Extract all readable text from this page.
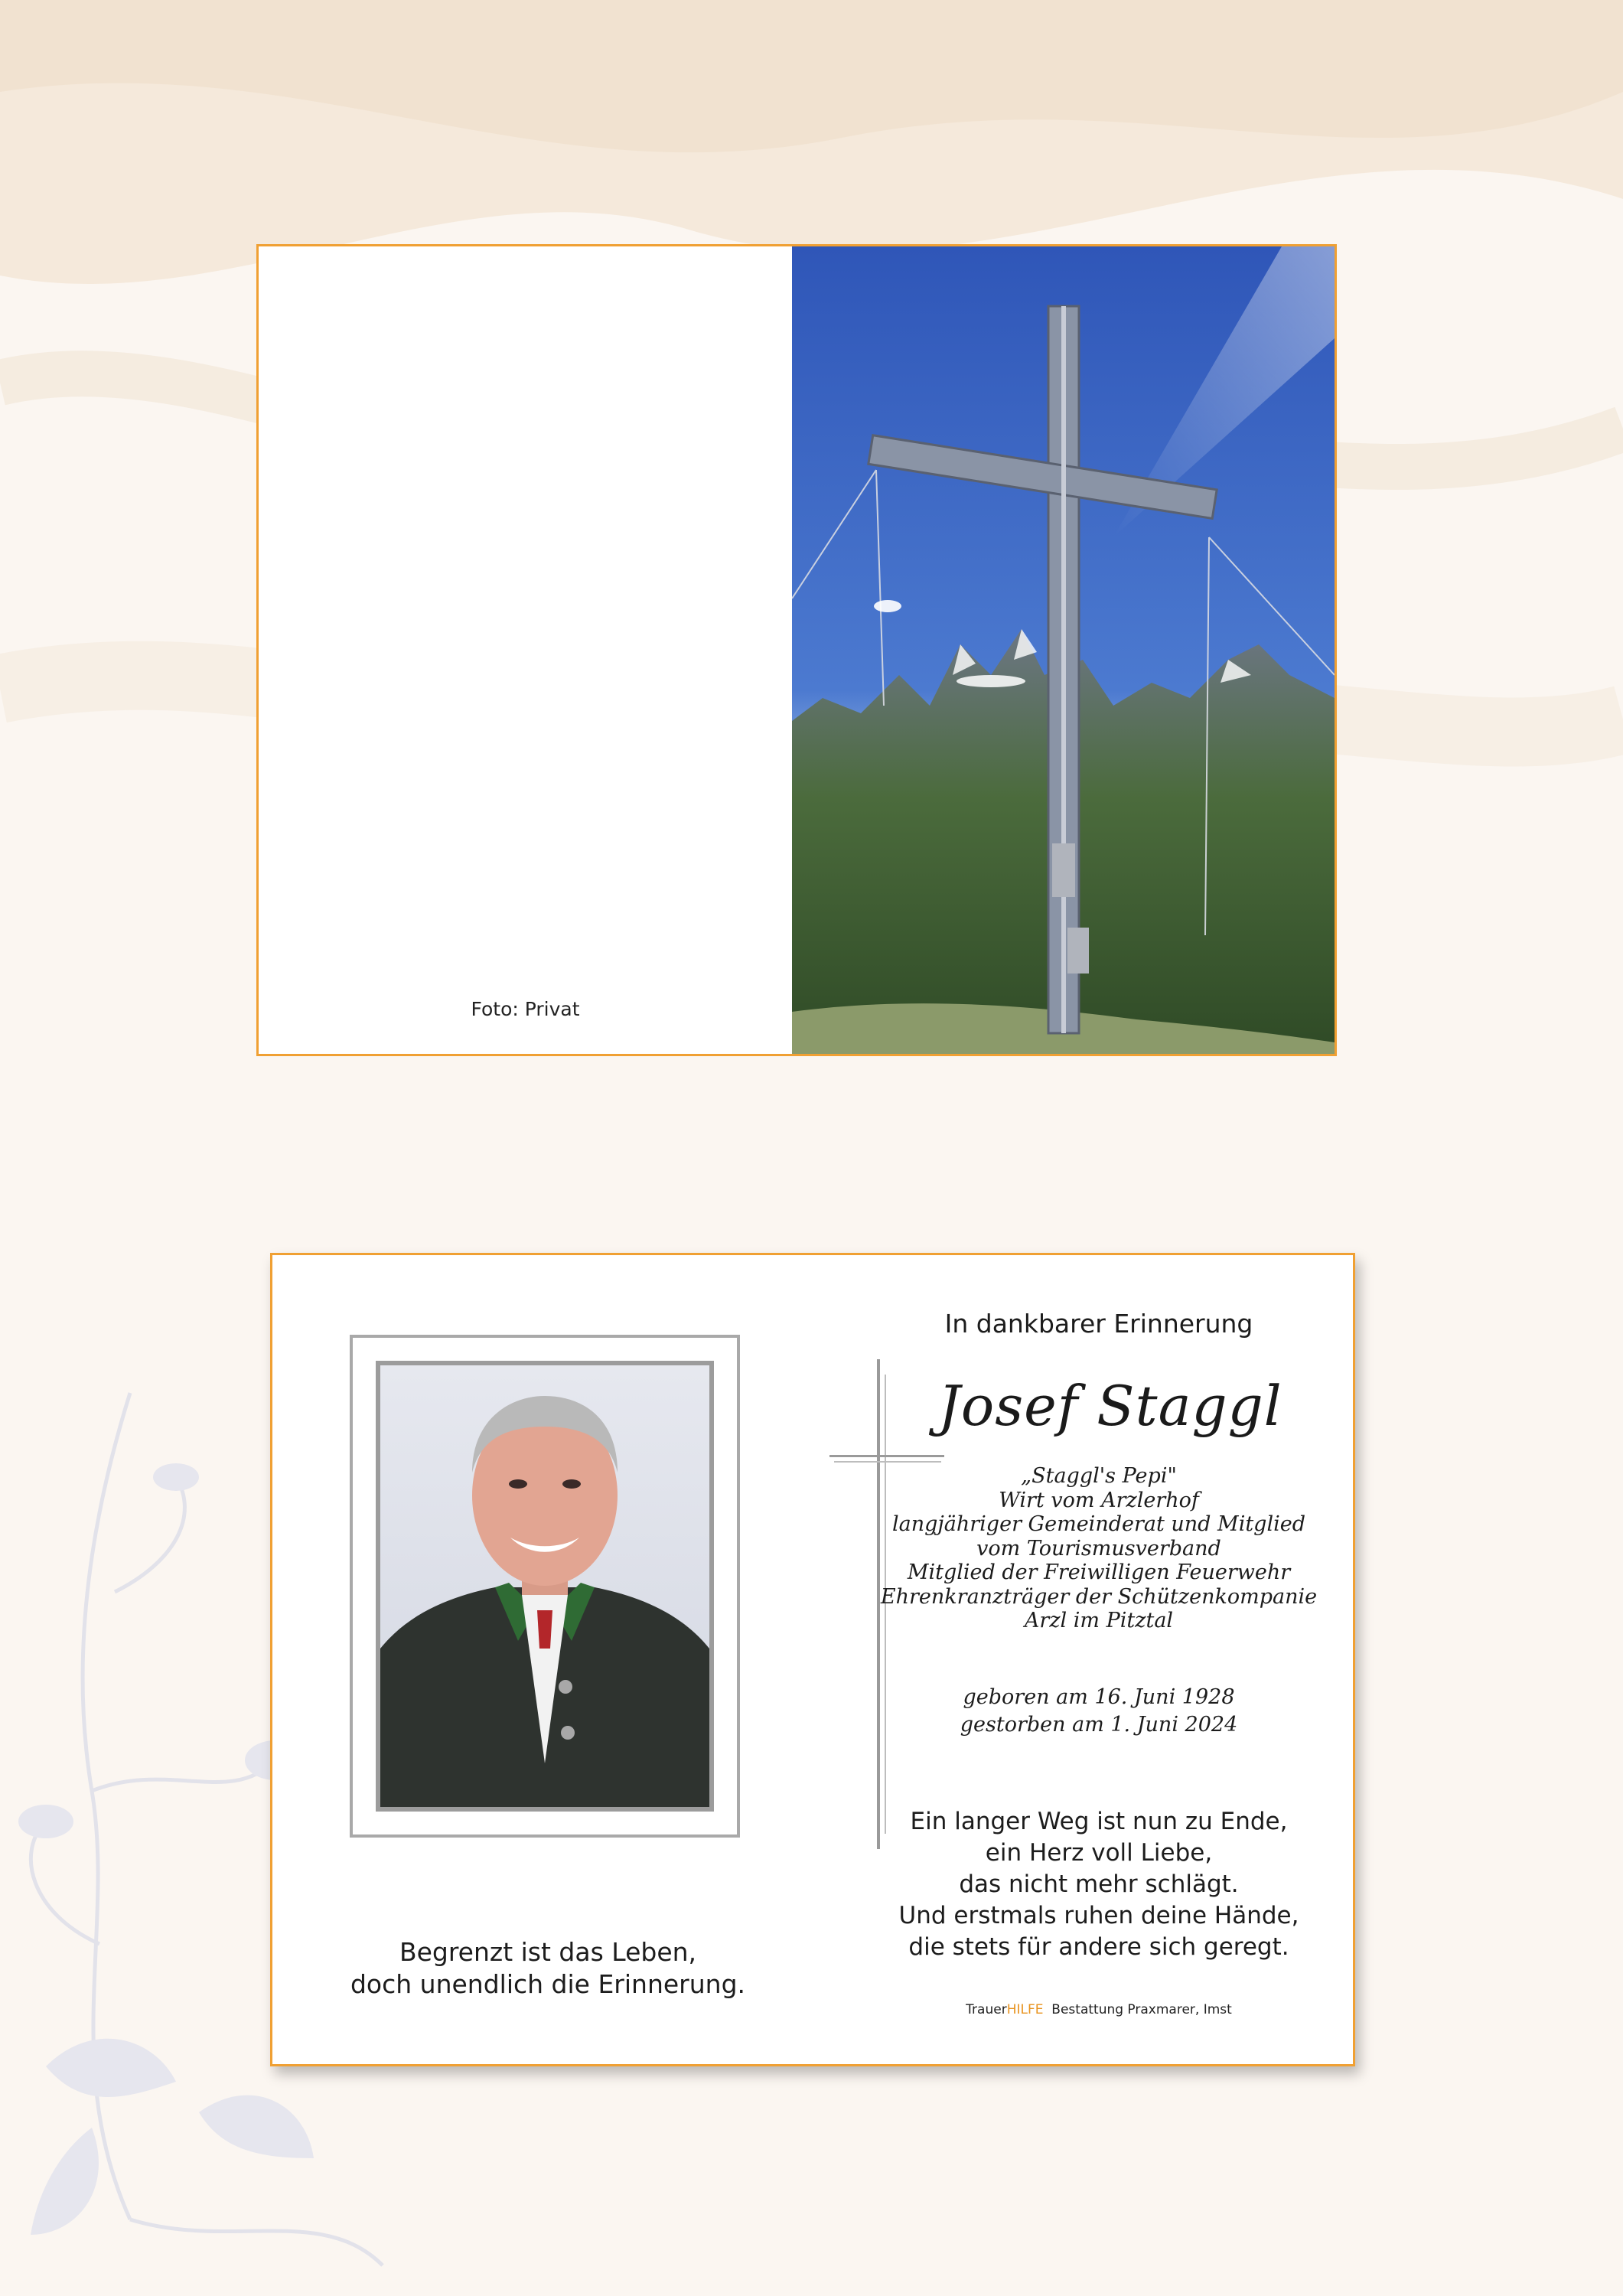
Foto: Privat
Begrenzt ist das Leben,
doch unendlich die Erinnerung.
In dankbarer Erinnerung
Josef Staggl
„Staggl's Pepi"
Wirt vom Arzlerhof
langjähriger Gemeinderat und Mitglied
vom Tourismusverband
Mitglied der Freiwilligen Feuerwehr
Ehrenkranzträger der Schützenkompanie
Arzl im Pitztal
geboren am 16. Juni 1928
gestorben am 1. Juni 2024
Ein langer Weg ist nun zu Ende,
ein Herz voll Liebe,
das nicht mehr schlägt.
Und erstmals ruhen deine Hände,
die stets für andere sich geregt.
TrauerHILFE Bestattung Praxmarer, Imst
